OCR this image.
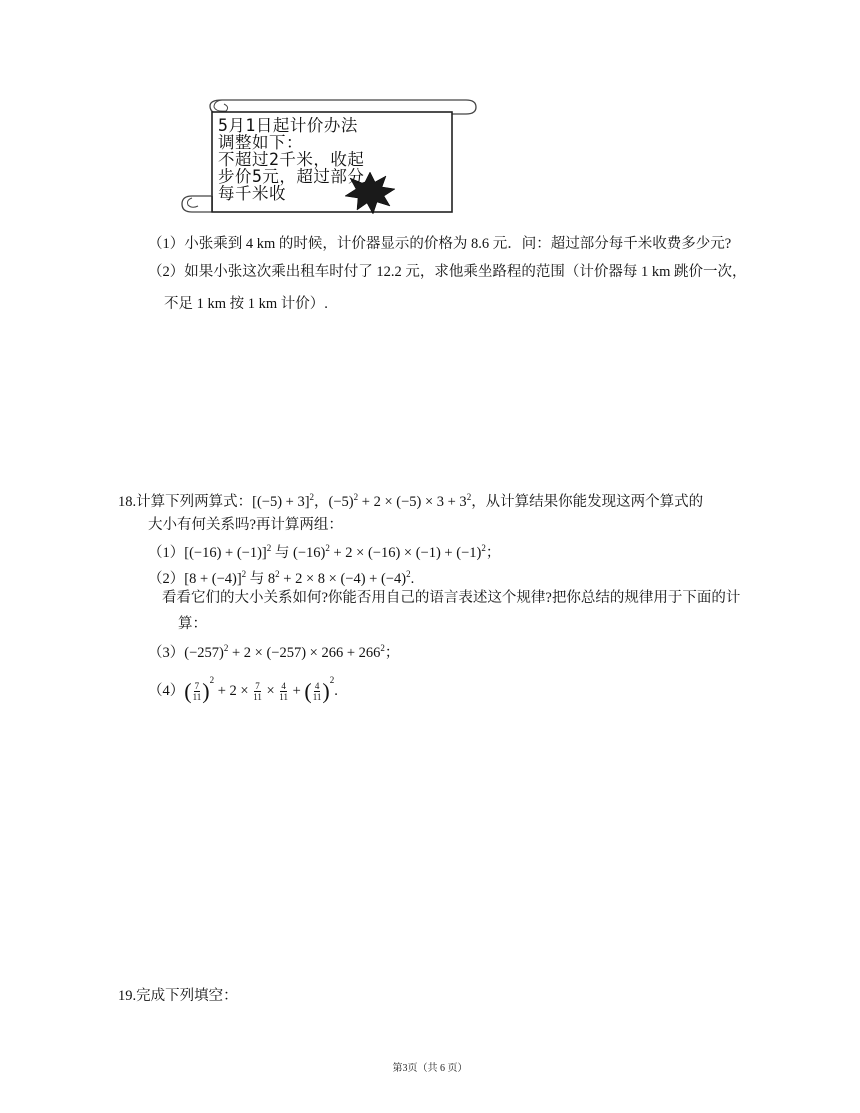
5月1日起计价办法
调整如下：
不超过2千米，收起
步价5元，超过部分
每千米收
（1）小张乘到 4 km 的时候，计价器显示的价格为 8.6 元．问：超过部分每千米收费多少元?
（2）如果小张这次乘出租车时付了 12.2 元，求他乘坐路程的范围（计价器每 1 km 跳价一次，
不足 1 km 按 1 km 计价）.
18.计算下列两算式：$[(-5) + 3]^2$，$(-5)^2 + 2 \times (-5) \times 3 + 3^2$，从计算结果你能发现这两个算式的
大小有何关系吗?再计算两组：
$(1)[(-16) + (-1)]^2$ 与 $(-16)^2 + 2 \times (-16) \times (-1) + (-1)^2$；
$(2)[8 + (-4)]^2$ 与 $8^2 + 2 \times 8 \times (-4) + (-4)^2$.
看看它们的大小关系如何?你能否用自己的语言表述这个规律?把你总结的规律用于下面的计
算：
$(3)(-257)^2 + 2 \times (-257) \times 266 + 266^2$；
$(4)( \frac{7}{11} )^2 + 2 \times \frac{7}{11} \times \frac{4}{11}$ + ( $\frac{4}{11} )^2$.
19.完成下列填空：
第3页（共 6 页）
